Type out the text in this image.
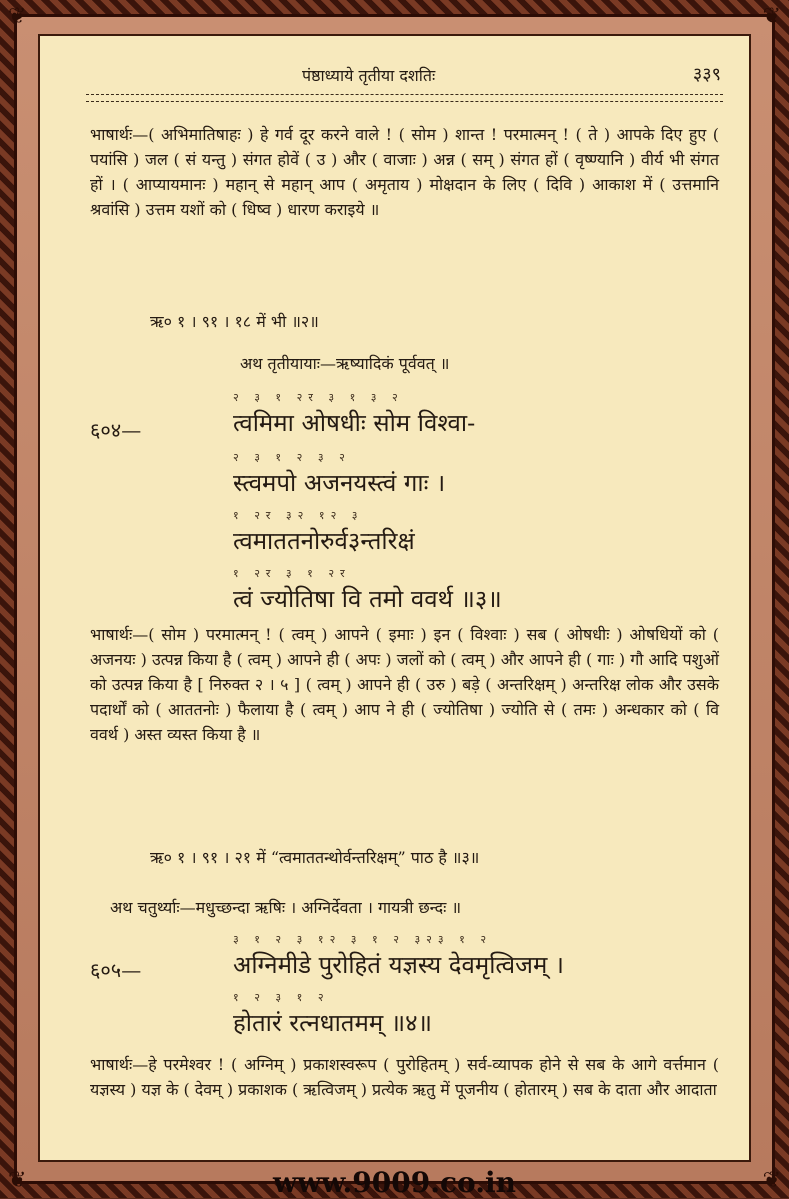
❦	❦
❦	❦
पंष्ठाध्याये तृतीया दशतिः	३३९
भाषार्थः—( अभिमातिषाहः ) हे गर्व दूर करने वाले ! ( सोम ) शान्त ! परमात्मन् ! ( ते ) आपके दिए हुए ( पयांसि ) जल ( सं यन्तु ) संगत होवें ( उ ) और ( वाजाः ) अन्न ( सम् ) संगत हों ( वृष्ण्यानि ) वीर्य भी संगत हों । ( आप्यायमानः ) महान् से महान् आप ( अमृताय ) मोक्षदान के लिए ( दिवि ) आकाश में ( उत्तमानि श्रवांसि ) उत्तम यशों को ( धिष्व ) धारण कराइये ॥
ऋ० १ । ९१ । १८ में भी ॥२॥
अथ तृतीयायाः—ऋष्यादिकं पूर्ववत् ॥
६०४—
२ ३ १ २र ३ १ ३ २
त्वमिमा ओषधीः सोम विश्वा-
२ ३ १ २ ३ २
स्त्वमपो अजनयस्त्वं गाः ।
१ २र ३२ १२ ३
त्वमाततनोरुर्व३न्तरिक्षं
१ २र ३ १ २र
त्वं ज्योतिषा वि तमो ववर्थ ॥३॥
भाषार्थः—( सोम ) परमात्मन् ! ( त्वम् ) आपने ( इमाः ) इन ( विश्वाः ) सब ( ओषधीः ) ओषधियों को ( अजनयः ) उत्पन्न किया है ( त्वम् ) आपने ही ( अपः ) जलों को ( त्वम् ) और आपने ही ( गाः ) गौ आदि पशुओं को उत्पन्न किया है [ निरुक्त २ । ५ ] ( त्वम् ) आपने ही ( उरु ) बड़े ( अन्तरिक्षम् ) अन्तरिक्ष लोक और उसके पदार्थों को ( आततनोः ) फैलाया है ( त्वम् ) आप ने ही ( ज्योतिषा ) ज्योति से ( तमः ) अन्धकार को ( वि ववर्थ ) अस्त व्यस्त किया है ॥
ऋ० १ । ९१ । २१ में “त्वमाततन्थोर्वन्तरिक्षम्” पाठ है ॥३॥
अथ चतुर्थ्याः—मधुच्छन्दा ऋषिः । अग्निर्देवता । गायत्री छन्दः ॥
६०५—
३ १ २ ३ १२ ३ १ २ ३२३ १ २
अग्निमीडे पुरोहितं यज्ञस्य देवमृत्विजम् ।
१ २ ३ १ २
होतारं रत्नधातमम् ॥४॥
भाषार्थः—हे परमेश्वर ! ( अग्निम् ) प्रकाशस्वरूप ( पुरोहितम् ) सर्व-व्यापक होने से सब के आगे वर्त्तमान ( यज्ञस्य ) यज्ञ के ( देवम् ) प्रकाशक ( ऋत्विजम् ) प्रत्येक ऋतु में पूजनीय ( होतारम् ) सब के दाता और आदाता
www.9009.co.in
